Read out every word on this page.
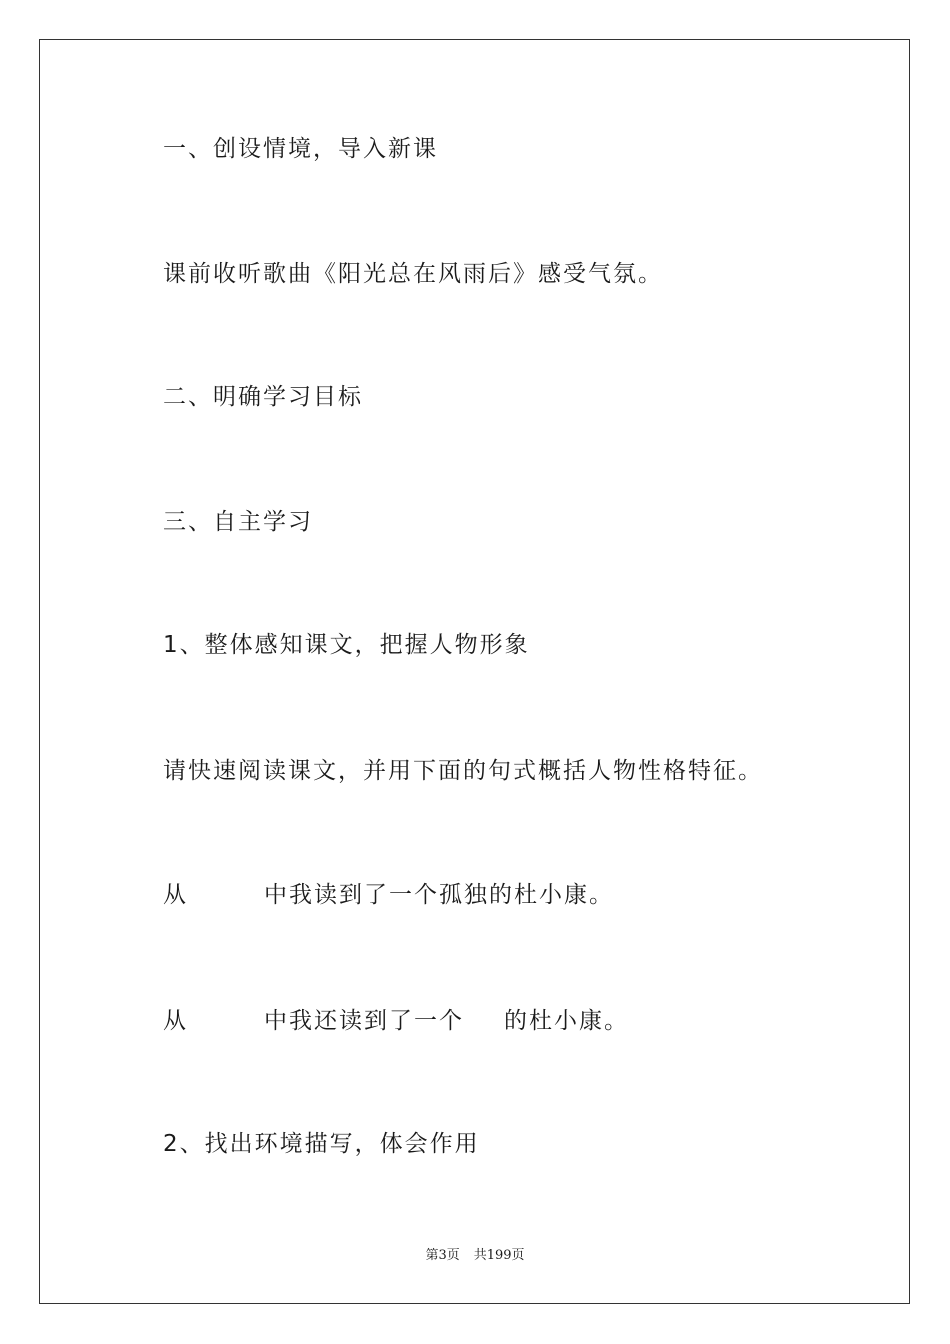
一、创设情境，导入新课
课前收听歌曲《阳光总在风雨后》感受气氛。
二、明确学习目标
三、自主学习
1、整体感知课文，把握人物形象
请快速阅读课文，并用下面的句式概括人物性格特征。
从	中我读到了一个孤独的杜小康。
从	中我还读到了一个 的杜小康。
2、找出环境描写，体会作用
第3页 共199页
